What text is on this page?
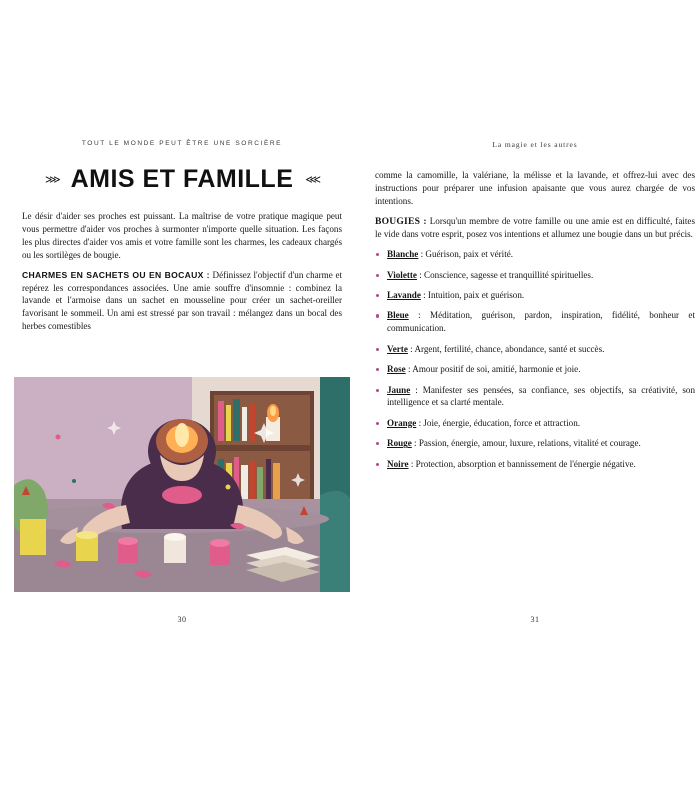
TOUT LE MONDE PEUT ÊTRE UNE SORCIÈRE
⋙ AMIS ET FAMILLE ⋘

Le désir d'aider ses proches est puissant. La maîtrise de votre pratique magique peut vous permettre d'aider vos proches à surmonter n'importe quelle situation. Les façons les plus directes d'aider vos amis et votre famille sont les charmes, les cadeaux chargés ou les sortilèges de bougie.

CHARMES EN SACHETS OU EN BOCAUX : Définissez l'objectif d'un charme et repérez les correspondances associées. Une amie souffre d'insomnie : combinez la lavande et l'armoise dans un sachet en mousseline pour créer un sachet-oreiller favorisant le sommeil. Un ami est stressé par son travail : mélangez dans un bocal des herbes comestibles

30
La magie et les autres

comme la camomille, la valériane, la mélisse et la lavande, et offrez-lui avec des instructions pour préparer une infusion apaisante que vous aurez chargée de vos intentions.

BOUGIES : Lorsqu'un membre de votre famille ou une amie est en difficulté, faites le vide dans votre esprit, posez vos intentions et allumez une bougie dans un but précis.

Blanche : Guérison, paix et vérité.
Violette : Conscience, sagesse et tranquillité spirituelles.
Lavande : Intuition, paix et guérison.
Bleue : Méditation, guérison, pardon, inspiration, fidélité, bonheur et communication.
Verte : Argent, fertilité, chance, abondance, santé et succès.
Rose : Amour positif de soi, amitié, harmonie et joie.
Jaune : Manifester ses pensées, sa confiance, ses objectifs, sa créativité, son intelligence et sa clarté mentale.
Orange : Joie, énergie, éducation, force et attraction.
Rouge : Passion, énergie, amour, luxure, relations, vitalité et courage.
Noire : Protection, absorption et bannissement de l'énergie négative.
31
